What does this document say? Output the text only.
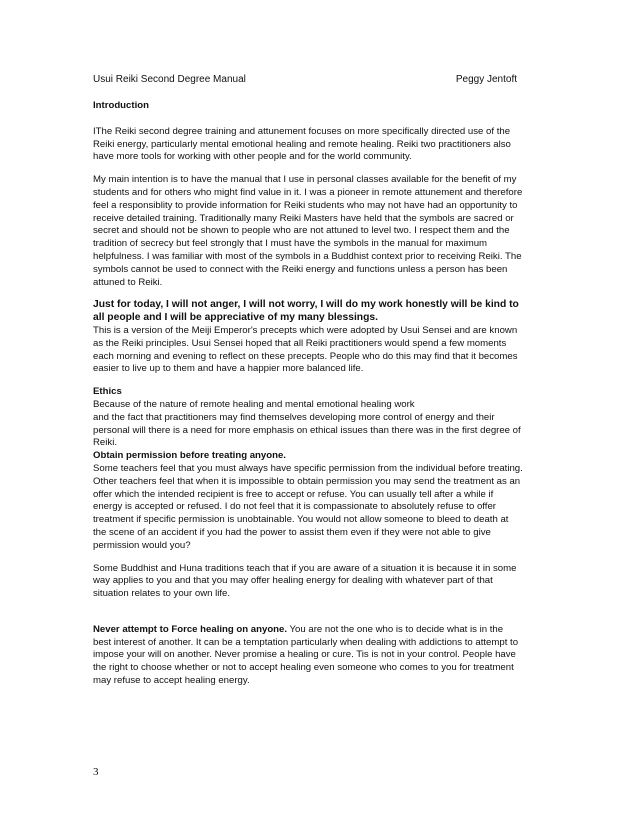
Usui Reiki Second Degree Manual	Peggy Jentoft

Introduction

IThe Reiki second degree training and attunement focuses on more specifically directed use of the Reiki energy, particularly mental emotional healing and remote healing. Reiki two practitioners also have more tools for working with other people and for the world community.

My main intention is to have the manual that I use in personal classes available for the benefit of my students and for others who might find value in it. I was a pioneer in remote attunement and therefore feel a responsiblity to provide information for Reiki students who may not have had an opportunity to receive detailed training. Traditionally many Reiki Masters have held that the symbols are sacred or secret and should not be shown to people who are not attuned to level two. I respect them and the tradition of secrecy but feel strongly that I must have the symbols in the manual for maximum helpfulness. I was familiar with most of the symbols in a Buddhist context prior to receiving Reiki. The symbols cannot be used to connect with the Reiki energy and functions unless a person has been attuned to Reiki.

Just for today, I will not anger, I will not worry, I will do my work honestly will be kind to all people and I will be appreciative of my many blessings.
This is a version of the Meiji Emperor's precepts which were adopted by Usui Sensei and are known as the Reiki principles. Usui Sensei hoped that all Reiki practitioners would spend a few moments each morning and evening to reflect on these precepts. People who do this may find that it becomes easier to live up to them and have a happier more balanced life.

Ethics

Because of the nature of remote healing and mental emotional healing work

and the fact that practitioners may find themselves developing more control of energy and their personal will there is a need for more emphasis on ethical issues than there was in the first degree of Reiki.

Obtain permission before treating anyone.

Some teachers feel that you must always have specific permission from the individual before treating. Other teachers feel that when it is impossible to obtain permission you may send the treatment as an offer which the intended recipient is free to accept or refuse. You can usually tell after a while if energy is accepted or refused. I do not feel that it is compassionate to absolutely refuse to offer treatment if specific permission is unobtainable. You would not allow someone to bleed to death at the scene of an accident if you had the power to assist them even if they were not able to give permission would you?

Some Buddhist and Huna traditions teach that if you are aware of a situation it is because it in some way applies to you and that you may offer healing energy for dealing with whatever part of that situation relates to your own life.

Never attempt to Force healing on anyone. You are not the one who is to decide what is in the best interest of another. It can be a temptation particularly when dealing with addictions to attempt to impose your will on another. Never promise a healing or cure. Tis is not in your control. People have the right to choose whether or not to accept healing even someone who comes to you for treatment may refuse to accept healing energy.

3
